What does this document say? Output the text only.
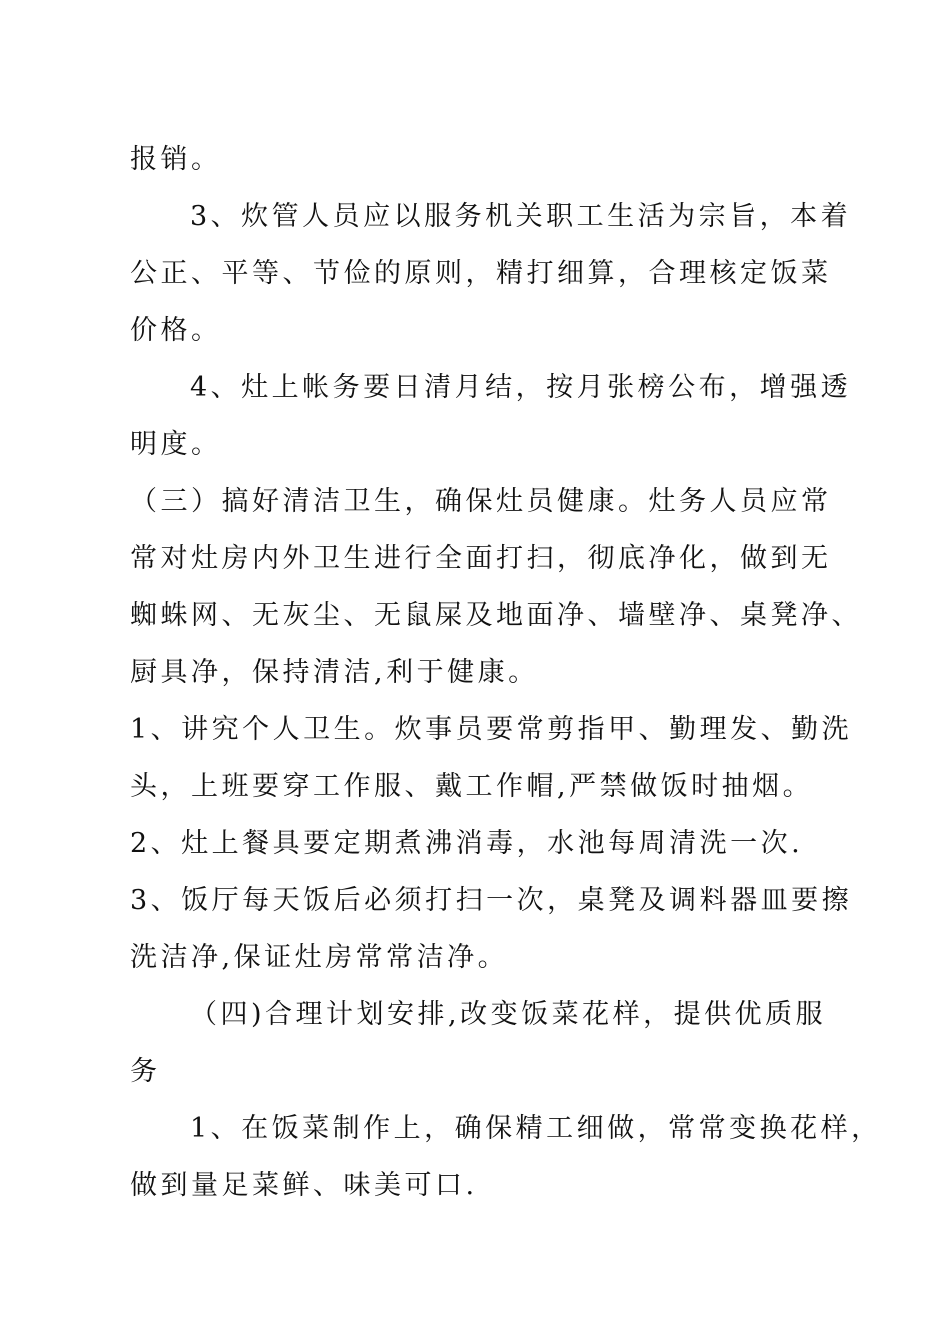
报销。

3、炊管人员应以服务机关职工生活为宗旨，本着

公正、平等、节俭的原则，精打细算，合理核定饭菜

价格。

4、灶上帐务要日清月结，按月张榜公布，增强透

明度。

（三）搞好清洁卫生，确保灶员健康。灶务人员应常

常对灶房内外卫生进行全面打扫，彻底净化，做到无

蜘蛛网、无灰尘、无鼠屎及地面净、墙壁净、桌凳净、

厨具净，保持清洁,利于健康。

1、讲究个人卫生。炊事员要常剪指甲、勤理发、勤洗

头，上班要穿工作服、戴工作帽,严禁做饭时抽烟。

2、灶上餐具要定期煮沸消毒，水池每周清洗一次.

3、饭厅每天饭后必须打扫一次，桌凳及调料器皿要擦

洗洁净,保证灶房常常洁净。

（四)合理计划安排,改变饭菜花样，提供优质服

务

1、在饭菜制作上，确保精工细做，常常变换花样，

做到量足菜鲜、味美可口.
